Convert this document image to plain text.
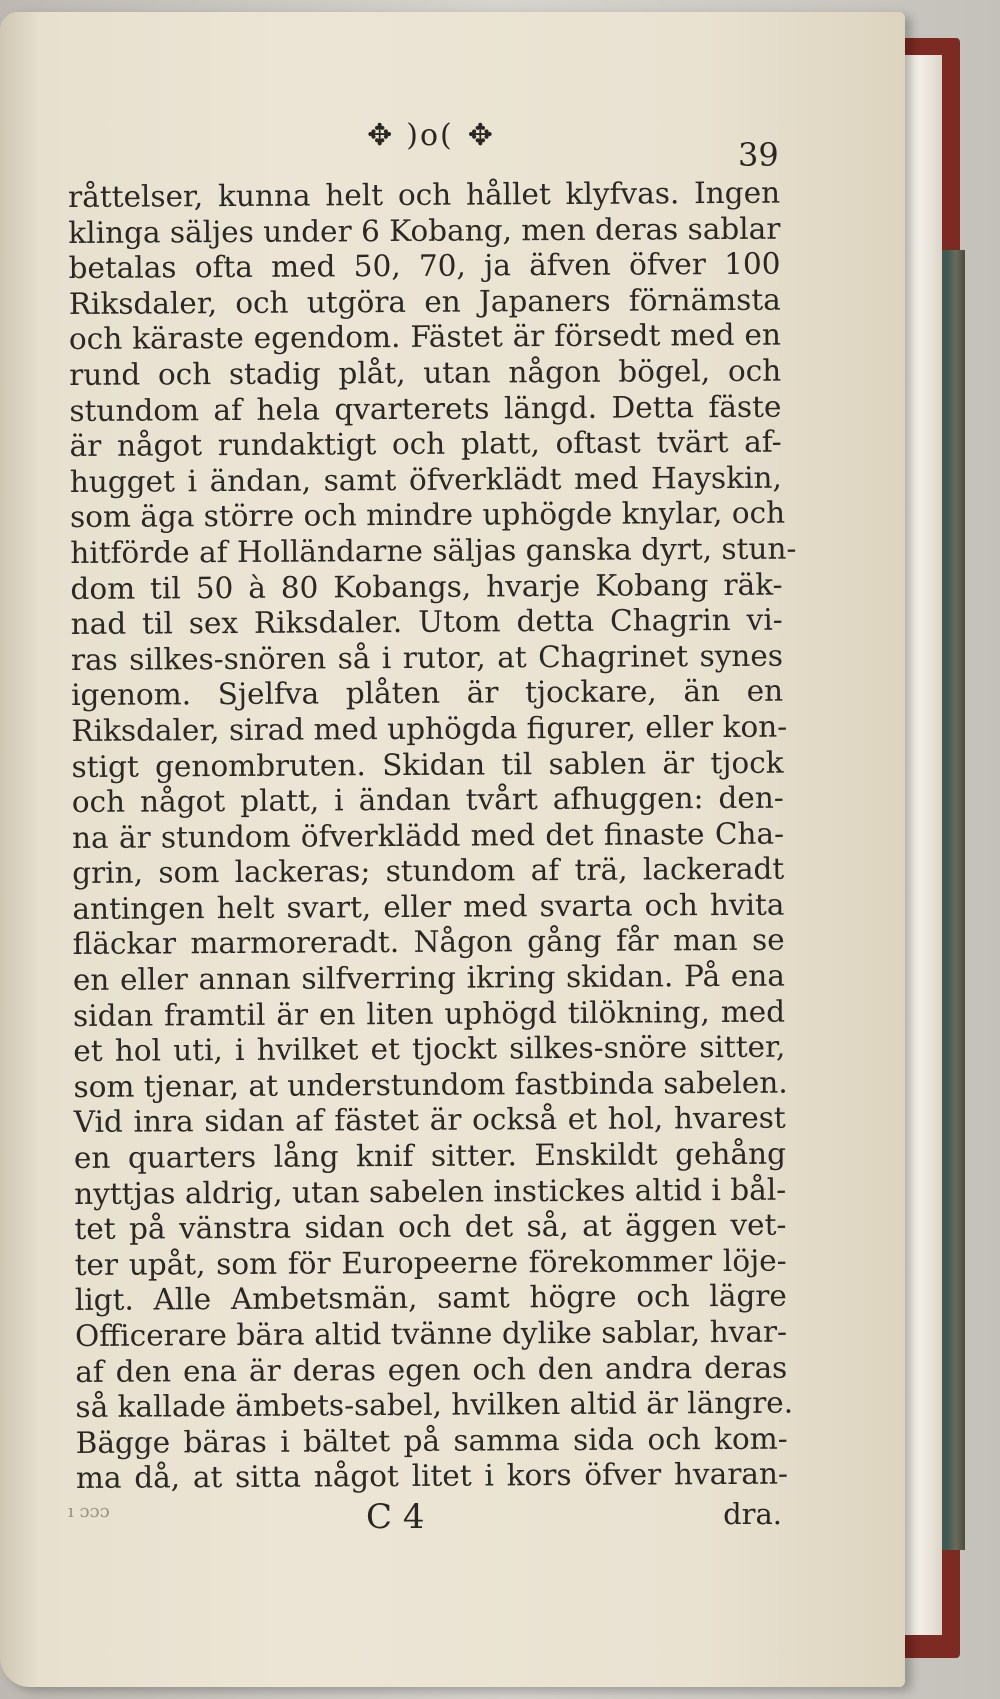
✥ )o( ✥
39
råttelser, kunna helt och hållet klyfvas. Ingen
klinga säljes under 6 Kobang, men deras sablar
betalas ofta med 50, 70, ja äfven öfver 100
Riksdaler, och utgöra en Japaners förnämsta
och käraste egendom. Fästet är försedt med en
rund och stadig plåt, utan någon bögel, och
stundom af hela qvarterets längd. Detta fäste
är något rundaktigt och platt, oftast tvärt af-
hugget i ändan, samt öfverklädt med Hayskin,
som äga större och mindre uphögde knylar, och
hitförde af Holländarne säljas ganska dyrt, stun-
dom til 50 à 80 Kobangs, hvarje Kobang räk-
nad til sex Riksdaler. Utom detta Chagrin vi-
ras silkes-snören så i rutor, at Chagrinet synes
igenom. Sjelfva plåten är tjockare, än en
Riksdaler, sirad med uphögda figurer, eller kon-
stigt genombruten. Skidan til sablen är tjock
och något platt, i ändan tvårt afhuggen: den-
na är stundom öfverklädd med det finaste Cha-
grin, som lackeras; stundom af trä, lackeradt
antingen helt svart, eller med svarta och hvita
fläckar marmoreradt. Någon gång får man se
en eller annan silfverring ikring skidan. På ena
sidan framtil är en liten uphögd tilökning, med
et hol uti, i hvilket et tjockt silkes-snöre sitter,
som tjenar, at understundom fastbinda sabelen.
Vid inra sidan af fästet är också et hol, hvarest
en quarters lång knif sitter. Enskildt gehång
nyttjas aldrig, utan sabelen instickes altid i bål-
tet på vänstra sidan och det så, at äggen vet-
ter upåt, som för Europeerne förekommer löje-
ligt. Alle Ambetsmän, samt högre och lägre
Officerare bära altid tvänne dylike sablar, hvar-
af den ena är deras egen och den andra deras
så kallade ämbets-sabel, hvilken altid är längre.
Bägge bäras i bältet på samma sida och kom-
ma då, at sitta något litet i kors öfver hvaran-
ı ɔɔɔ	C 4	dra.
